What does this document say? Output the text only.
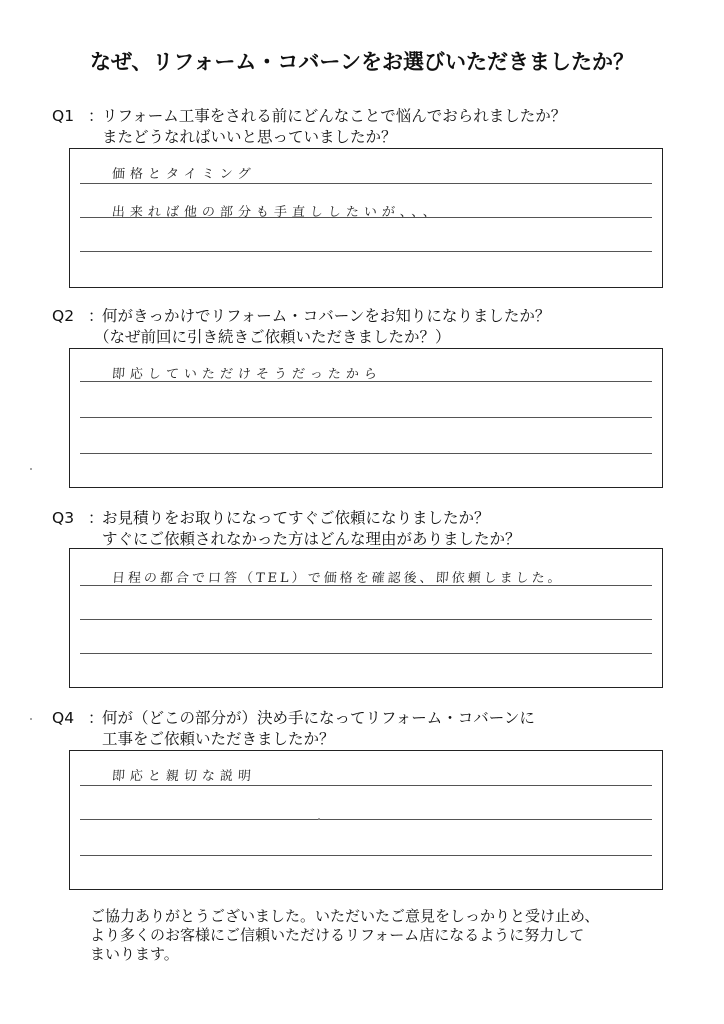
なぜ、リフォーム・コバーンをお選びいただきましたか？
Q1 ：リフォーム工事をされる前にどんなことで悩んでおられましたか？
またどうなればいいと思っていましたか？
価格とタイミング
出来れば他の部分も手直ししたいが、、、
Q2 ：何がきっかけでリフォーム・コバーンをお知りになりましたか？
（なぜ前回に引き続きご依頼いただきましたか？）
即応していただけそうだったから
Q3 ：お見積りをお取りになってすぐご依頼になりましたか？
すぐにご依頼されなかった方はどんな理由がありましたか？
日程の都合で口答（TEL）で価格を確認後、即依頼しました。
Q4 ：何が（どこの部分が）決め手になってリフォーム・コバーンに
工事をご依頼いただきましたか？
即応と親切な説明
ご協力ありがとうございました。いただいたご意見をしっかりと受け止め、
より多くのお客様にご信頼いただけるリフォーム店になるように努力して
まいります。
